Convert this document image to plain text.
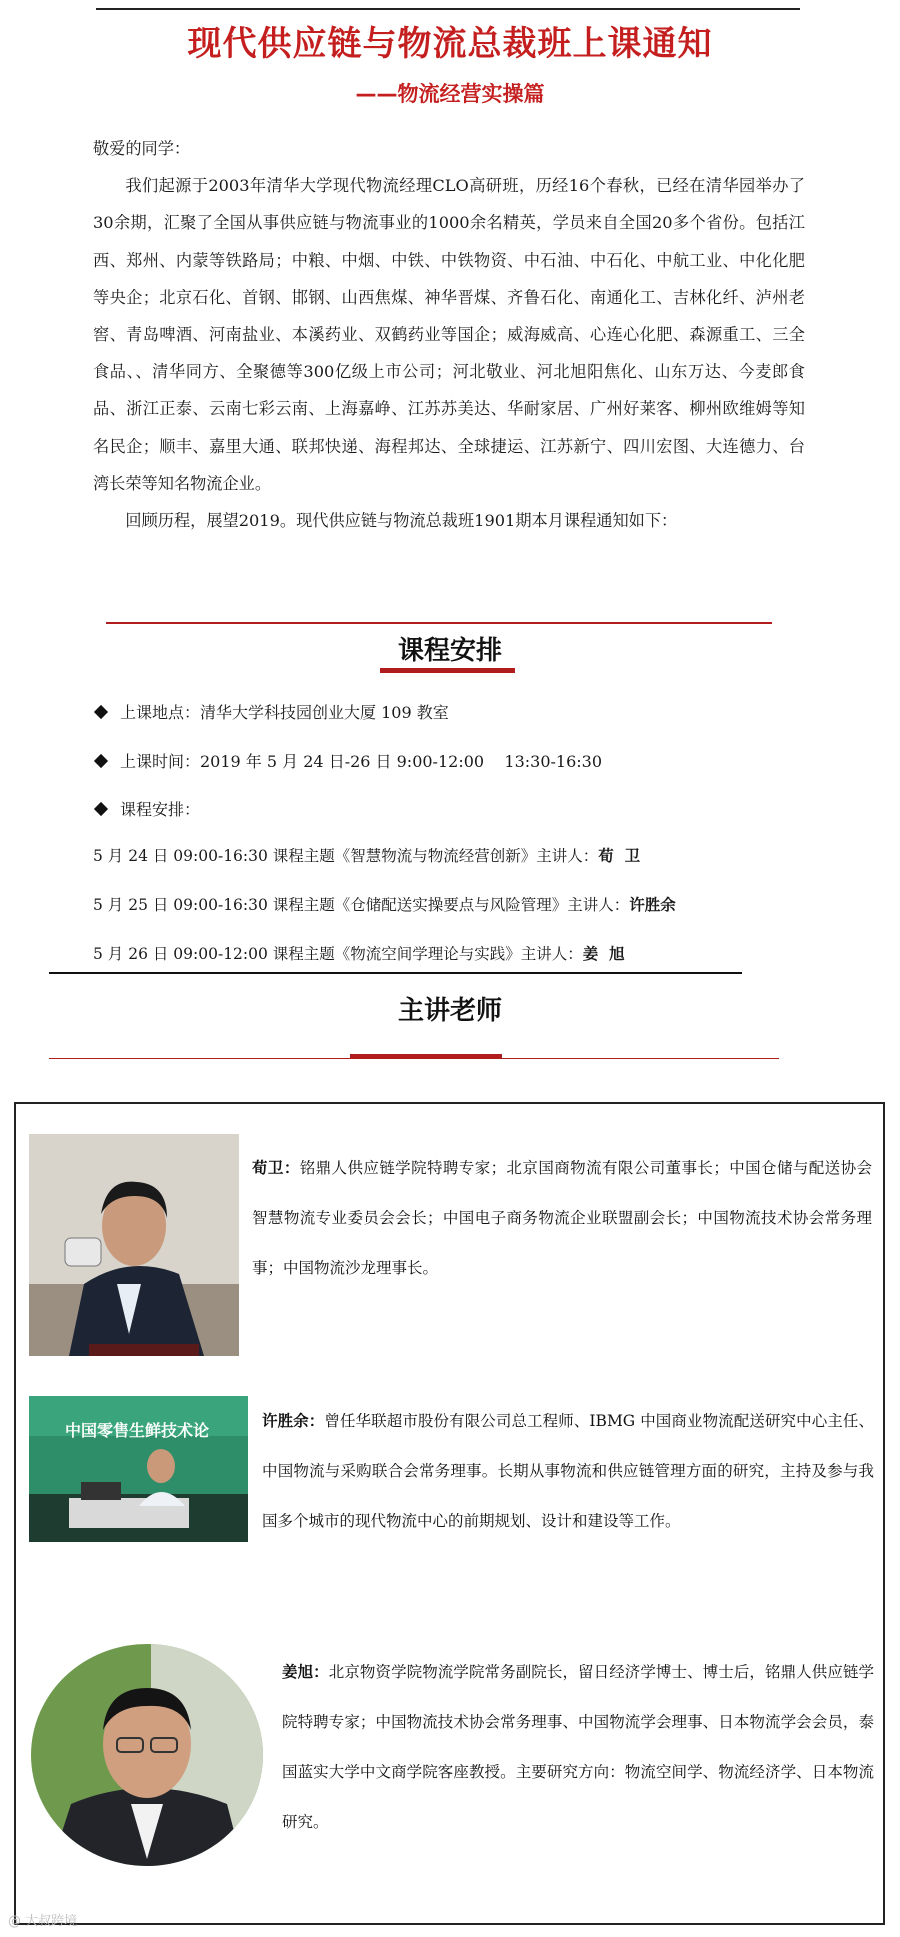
现代供应链与物流总裁班上课通知
——物流经营实操篇

敬爱的同学：

我们起源于2003年清华大学现代物流经理CLO高研班，历经16个春秋，已经在清华园举办了30余期，汇聚了全国从事供应链与物流事业的1000余名精英，学员来自全国20多个省份。包括江西、郑州、内蒙等铁路局；中粮、中烟、中铁、中铁物资、中石油、中石化、中航工业、中化化肥等央企；北京石化、首钢、邯钢、山西焦煤、神华晋煤、齐鲁石化、南通化工、吉林化纤、泸州老窖、青岛啤酒、河南盐业、本溪药业、双鹤药业等国企；威海威高、心连心化肥、森源重工、三全食品、、清华同方、全聚德等300亿级上市公司；河北敬业、河北旭阳焦化、山东万达、今麦郎食品、浙江正泰、云南七彩云南、上海嘉峥、江苏苏美达、华耐家居、广州好莱客、柳州欧维姆等知名民企；顺丰、嘉里大通、联邦快递、海程邦达、全球捷运、江苏新宁、四川宏图、大连德力、台湾长荣等知名物流企业。

回顾历程，展望2019。现代供应链与物流总裁班1901期本月课程通知如下：

课程安排
上课地点：清华大学科技园创业大厦 109 教室
上课时间：2019 年 5 月 24 日-26 日 9:00-12:00    13:30-16:30
课程安排：
5 月 24 日 09:00-16:30 课程主题《智慧物流与物流经营创新》主讲人：荀  卫
5 月 25 日 09:00-16:30 课程主题《仓储配送实操要点与风险管理》主讲人：许胜余
5 月 26 日 09:00-12:00 课程主题《物流空间学理论与实践》主讲人：姜  旭
主讲老师
荀卫：铭鼎人供应链学院特聘专家；北京国商物流有限公司董事长；中国仓储与配送协会智慧物流专业委员会会长；中国电子商务物流企业联盟副会长；中国物流技术协会常务理事；中国物流沙龙理事长。
中国零售生鲜技术论	许胜余：曾任华联超市股份有限公司总工程师、IBMG 中国商业物流配送研究中心主任、中国物流与采购联合会常务理事。长期从事物流和供应链管理方面的研究，主持及参与我国多个城市的现代物流中心的前期规划、设计和建设等工作。
姜旭：北京物资学院物流学院常务副院长，留日经济学博士、博士后，铭鼎人供应链学院特聘专家；中国物流技术协会常务理事、中国物流学会理事、日本物流学会会员，泰国蓝实大学中文商学院客座教授。主要研究方向：物流空间学、物流经济学、日本物流研究。
@ 大叔跨境
